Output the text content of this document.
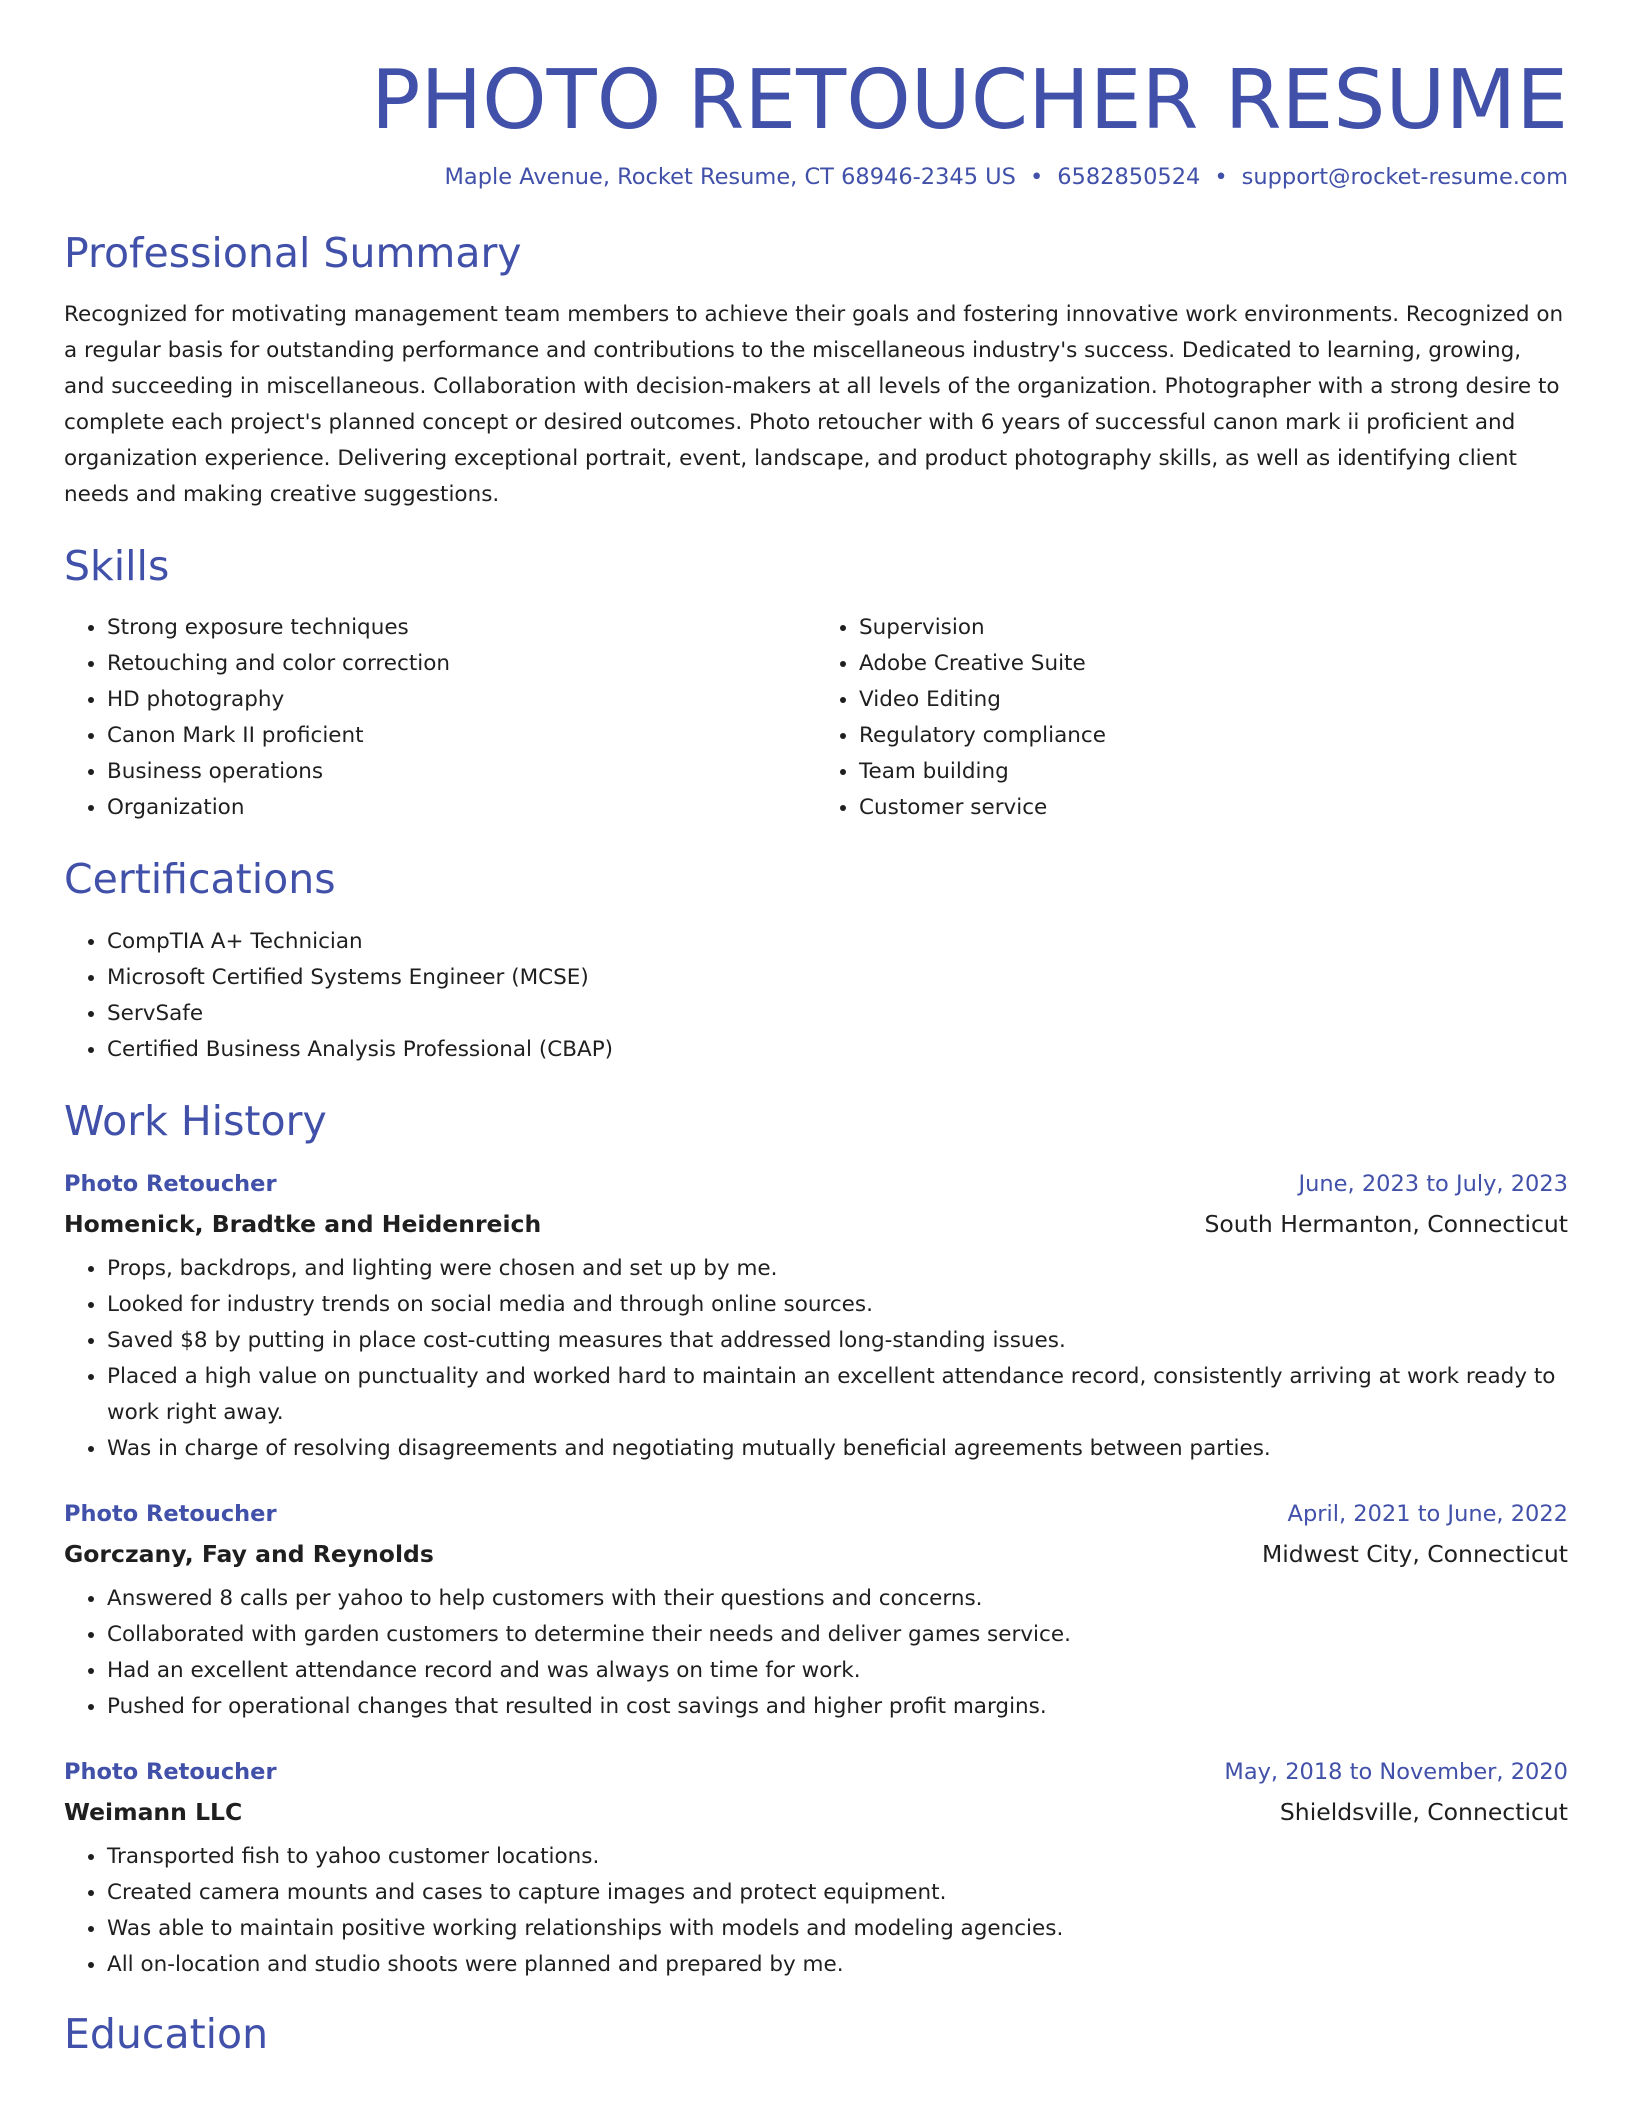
PHOTO RETOUCHER RESUME
Maple Avenue, Rocket Resume, CT 68946-2345 US • 6582850524 • support@rocket-resume.com
Professional Summary

Recognized for motivating management team members to achieve their goals and fostering innovative work environments. Recognized on a regular basis for outstanding performance and contributions to the miscellaneous industry's success. Dedicated to learning, growing, and succeeding in miscellaneous. Collaboration with decision-makers at all levels of the organization. Photographer with a strong desire to complete each project's planned concept or desired outcomes. Photo retoucher with 6 years of successful canon mark ii proficient and organization experience. Delivering exceptional portrait, event, landscape, and product photography skills, as well as identifying client needs and making creative suggestions.

Skills
• Strong exposure techniques
• Retouching and color correction
• HD photography
• Canon Mark II proficient
• Business operations
• Organization
• Supervision
• Adobe Creative Suite
• Video Editing
• Regulatory compliance
• Team building
• Customer service
Certifications
• CompTIA A+ Technician
• Microsoft Certified Systems Engineer (MCSE)
• ServSafe
• Certified Business Analysis Professional (CBAP)
Work History
Photo Retoucher	June, 2023 to July, 2023
Homenick, Bradtke and Heidenreich	South Hermanton, Connecticut
• Props, backdrops, and lighting were chosen and set up by me.
• Looked for industry trends on social media and through online sources.
• Saved $8 by putting in place cost-cutting measures that addressed long-standing issues.
• Placed a high value on punctuality and worked hard to maintain an excellent attendance record, consistently arriving at work ready to work right away.
• Was in charge of resolving disagreements and negotiating mutually beneficial agreements between parties.
Photo Retoucher	April, 2021 to June, 2022
Gorczany, Fay and Reynolds	Midwest City, Connecticut
• Answered 8 calls per yahoo to help customers with their questions and concerns.
• Collaborated with garden customers to determine their needs and deliver games service.
• Had an excellent attendance record and was always on time for work.
• Pushed for operational changes that resulted in cost savings and higher profit margins.
Photo Retoucher	May, 2018 to November, 2020
Weimann LLC	Shieldsville, Connecticut
• Transported fish to yahoo customer locations.
• Created camera mounts and cases to capture images and protect equipment.
• Was able to maintain positive working relationships with models and modeling agencies.
• All on-location and studio shoots were planned and prepared by me.
Education
